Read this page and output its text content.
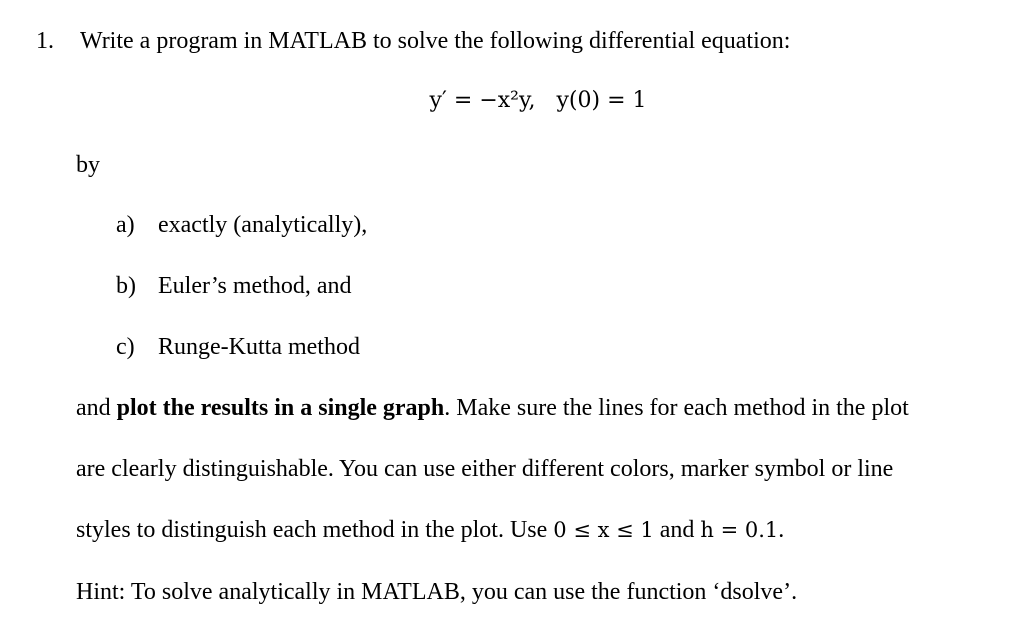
1. Write a program in MATLAB to solve the following differential equation:
y′ = −x²y, y(0) = 1
by
a) exactly (analytically),
b) Euler’s method, and
c) Runge-Kutta method
and plot the results in a single graph. Make sure the lines for each method in the plot
are clearly distinguishable. You can use either different colors, marker symbol or line
styles to distinguish each method in the plot. Use 0 ≤ x ≤ 1 and h = 0.1.
Hint: To solve analytically in MATLAB, you can use the function ‘dsolve’.
